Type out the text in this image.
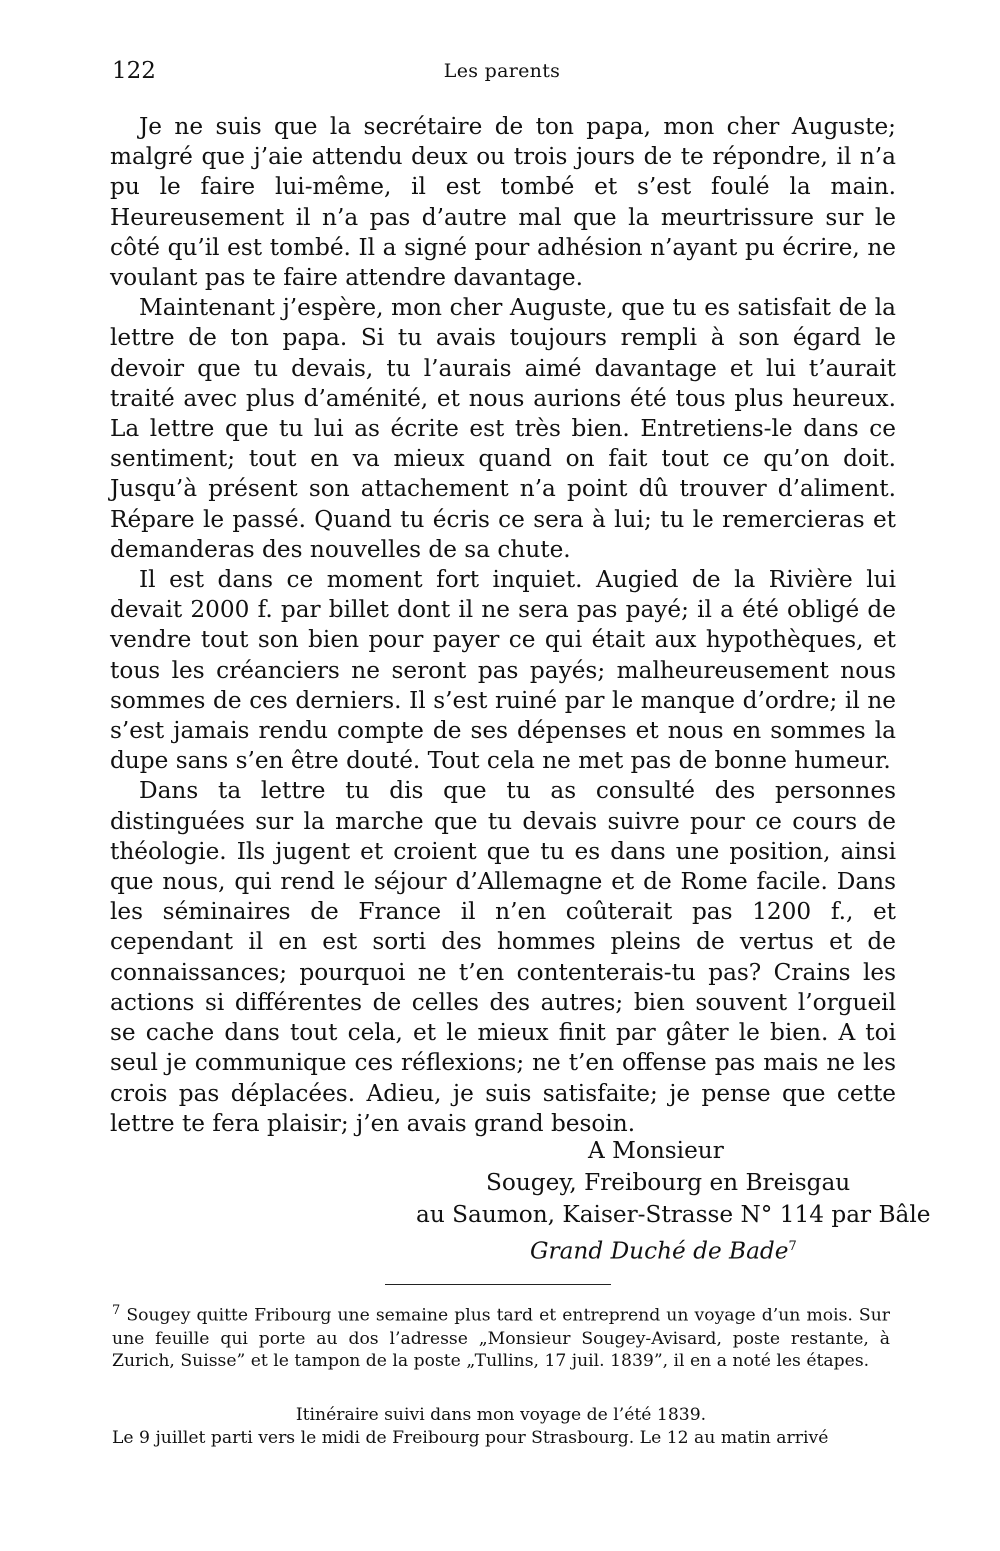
122	Les parents

Je ne suis que la secrétaire de ton papa, mon cher Auguste; malgré que j’aie attendu deux ou trois jours de te répondre, il n’a pu le faire lui-même, il est tombé et s’est foulé la main. Heureusement il n’a pas d’autre mal que la meurtrissure sur le côté qu’il est tombé. Il a signé pour adhésion n’ayant pu écrire, ne voulant pas te faire attendre davantage.

Maintenant j’espère, mon cher Auguste, que tu es satisfait de la lettre de ton papa. Si tu avais toujours rempli à son égard le devoir que tu devais, tu l’aurais aimé davantage et lui t’aurait traité avec plus d’aménité, et nous aurions été tous plus heureux. La lettre que tu lui as écrite est très bien. Entretiens-le dans ce sentiment; tout en va mieux quand on fait tout ce qu’on doit. Jusqu’à présent son attachement n’a point dû trouver d’aliment. Répare le passé. Quand tu écris ce sera à lui; tu le remercieras et demanderas des nouvelles de sa chute.

Il est dans ce moment fort inquiet. Augied de la Rivière lui devait 2000 f. par billet dont il ne sera pas payé; il a été obligé de vendre tout son bien pour payer ce qui était aux hypothèques, et tous les créanciers ne seront pas payés; malheureusement nous sommes de ces derniers. Il s’est ruiné par le manque d’ordre; il ne s’est jamais rendu compte de ses dépenses et nous en sommes la dupe sans s’en être douté. Tout cela ne met pas de bonne humeur.

Dans ta lettre tu dis que tu as consulté des personnes distinguées sur la marche que tu devais suivre pour ce cours de théologie. Ils jugent et croient que tu es dans une position, ainsi que nous, qui rend le séjour d’Allemagne et de Rome facile. Dans les séminaires de France il n’en coûterait pas 1200 f., et cependant il en est sorti des hommes pleins de vertus et de connaissances; pourquoi ne t’en contenterais-tu pas? Crains les actions si différentes de celles des autres; bien souvent l’orgueil se cache dans tout cela, et le mieux finit par gâter le bien. A toi seul je communique ces réflexions; ne t’en offense pas mais ne les crois pas déplacées. Adieu, je suis satisfaite; je pense que cette lettre te fera plaisir; j’en avais grand besoin.

A Monsieur
Sougey, Freibourg en Breisgau
au Saumon, Kaiser-Strasse N° 114 par Bâle
Grand Duché de Bade$^7$

$^7$ Sougey quitte Fribourg une semaine plus tard et entreprend un voyage d’un mois. Sur une feuille qui porte au dos l’adresse „Monsieur Sougey-Avisard, poste restante, à Zurich, Suisse” et le tampon de la poste „Tullins, 17 juil. 1839”, il en a noté les étapes.

Itinéraire suivi dans mon voyage de l’été 1839.
Le 9 juillet parti vers le midi de Freibourg pour Strasbourg. Le 12 au matin arrivé
